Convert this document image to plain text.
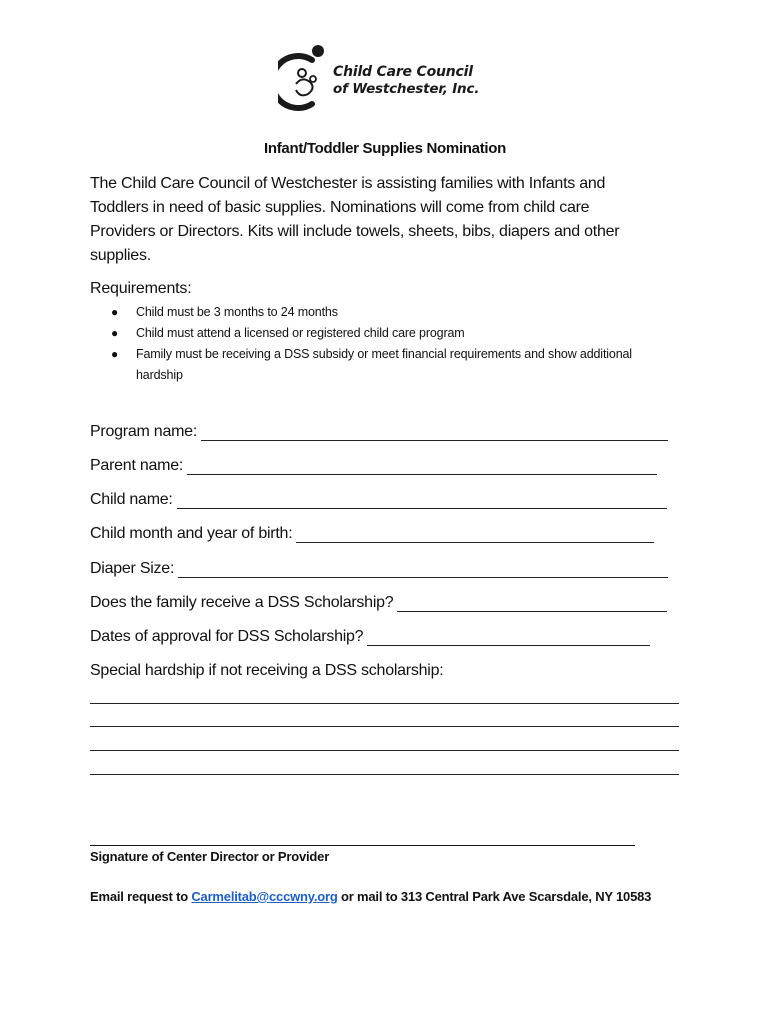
Child Care Council
of Westchester, Inc.
Infant/Toddler Supplies Nomination
The Child Care Council of Westchester is assisting families with Infants and Toddlers in need of basic supplies. Nominations will come from child care Providers or Directors. Kits will include towels, sheets, bibs, diapers and other supplies.
Requirements:
● Child must be 3 months to 24 months
● Child must attend a licensed or registered child care program
● Family must be receiving a DSS subsidy or meet financial requirements and show additional hardship
Program name:
Parent name:
Child name:
Child month and year of birth:
Diaper Size:
Does the family receive a DSS Scholarship?
Dates of approval for DSS Scholarship?
Special hardship if not receiving a DSS scholarship:
Signature of Center Director or Provider
Email request to Carmelitab@cccwny.org or mail to 313 Central Park Ave Scarsdale, NY 10583
